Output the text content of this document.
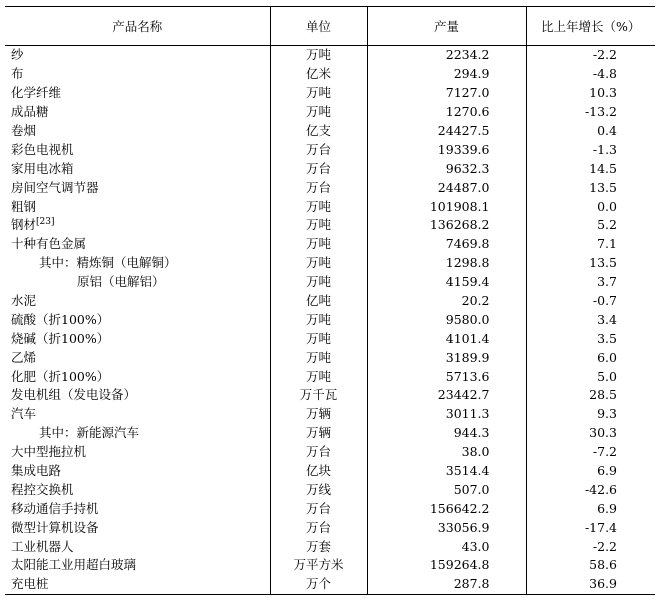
产品名称	单位	产量	比上年增长（%）
纱	万吨	2234.2	-2.2
布	亿米	294.9	-4.8
化学纤维	万吨	7127.0	10.3
成品糖	万吨	1270.6	-13.2
卷烟	亿支	24427.5	0.4
彩色电视机	万台	19339.6	-1.3
家用电冰箱	万台	9632.3	14.5
房间空气调节器	万台	24487.0	13.5
粗钢	万吨	101908.1	0.0
钢材[23]	万吨	136268.2	5.2
十种有色金属	万吨	7469.8	7.1
其中：精炼铜（电解铜）	万吨	1298.8	13.5
原铝（电解铝）	万吨	4159.4	3.7
水泥	亿吨	20.2	-0.7
硫酸（折100%）	万吨	9580.0	3.4
烧碱（折100%）	万吨	4101.4	3.5
乙烯	万吨	3189.9	6.0
化肥（折100%）	万吨	5713.6	5.0
发电机组（发电设备）	万千瓦	23442.7	28.5
汽车	万辆	3011.3	9.3
其中：新能源汽车	万辆	944.3	30.3
大中型拖拉机	万台	38.0	-7.2
集成电路	亿块	3514.4	6.9
程控交换机	万线	507.0	-42.6
移动通信手持机	万台	156642.2	6.9
微型计算机设备	万台	33056.9	-17.4
工业机器人	万套	43.0	-2.2
太阳能工业用超白玻璃	万平方米	159264.8	58.6
充电桩	万个	287.8	36.9
